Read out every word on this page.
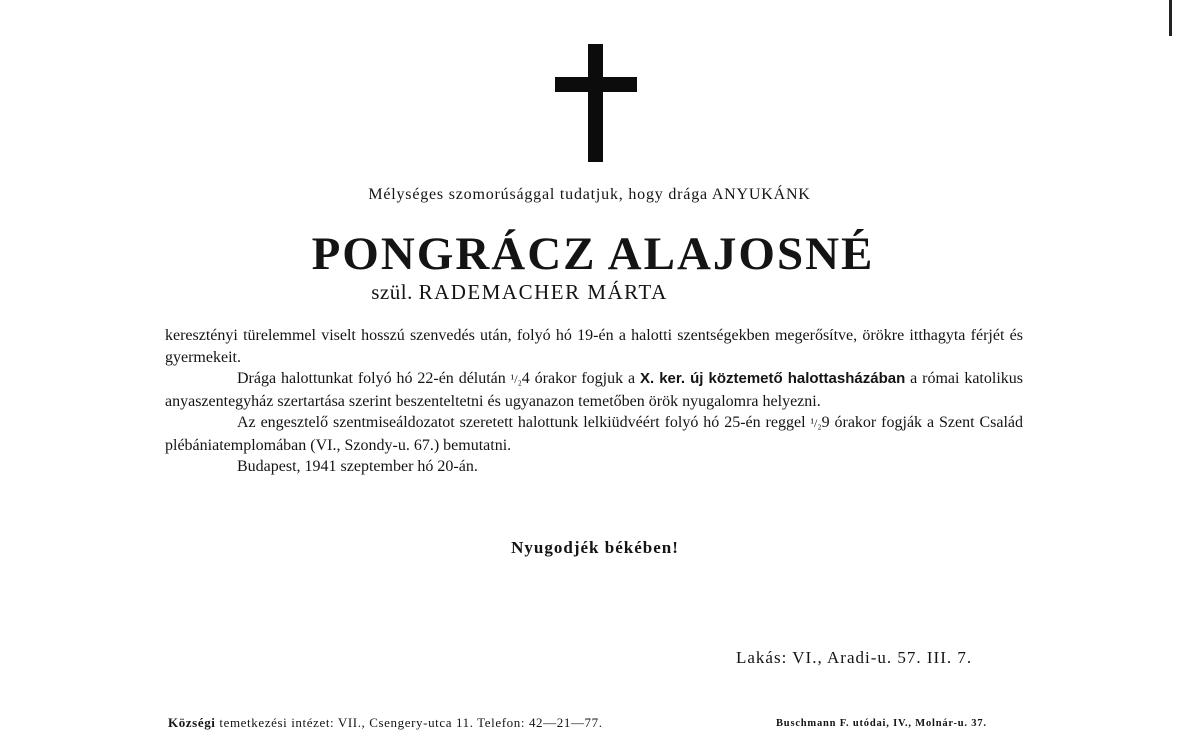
Mélységes szomorúsággal tudatjuk, hogy drága ANYUKÁNK
PONGRÁCZ ALAJOSNÉ
szül. RADEMACHER MÁRTA

keresztényi türelemmel viselt hosszú szenvedés után, folyó hó 19-én a halotti szentségekben megerősítve, örökre itthagyta férjét és gyermekeit.

Drága halottunkat folyó hó 22-én délután ¹/₂4 órakor fogjuk a X. ker. új köztemető halottasházában a római katolikus anyaszentegyház szertartása szerint beszenteltetni és ugyanazon temetőben örök nyugalomra helyezni.

Az engesztelő szentmiseáldozatot szeretett halottunk lelkiüdvéért folyó hó 25-én reggel ¹/₂9 órakor fogják a Szent Család plébániatemplomában (VI., Szondy-u. 67.) bemutatni.

Budapest, 1941 szeptember hó 20-án.

Nyugodjék békében!
Lakás: VI., Aradi-u. 57. III. 7.
Községi temetkezési intézet: VII., Csengery-utca 11. Telefon: 42—21—77.	Buschmann F. utódai, IV., Molnár-u. 37.
